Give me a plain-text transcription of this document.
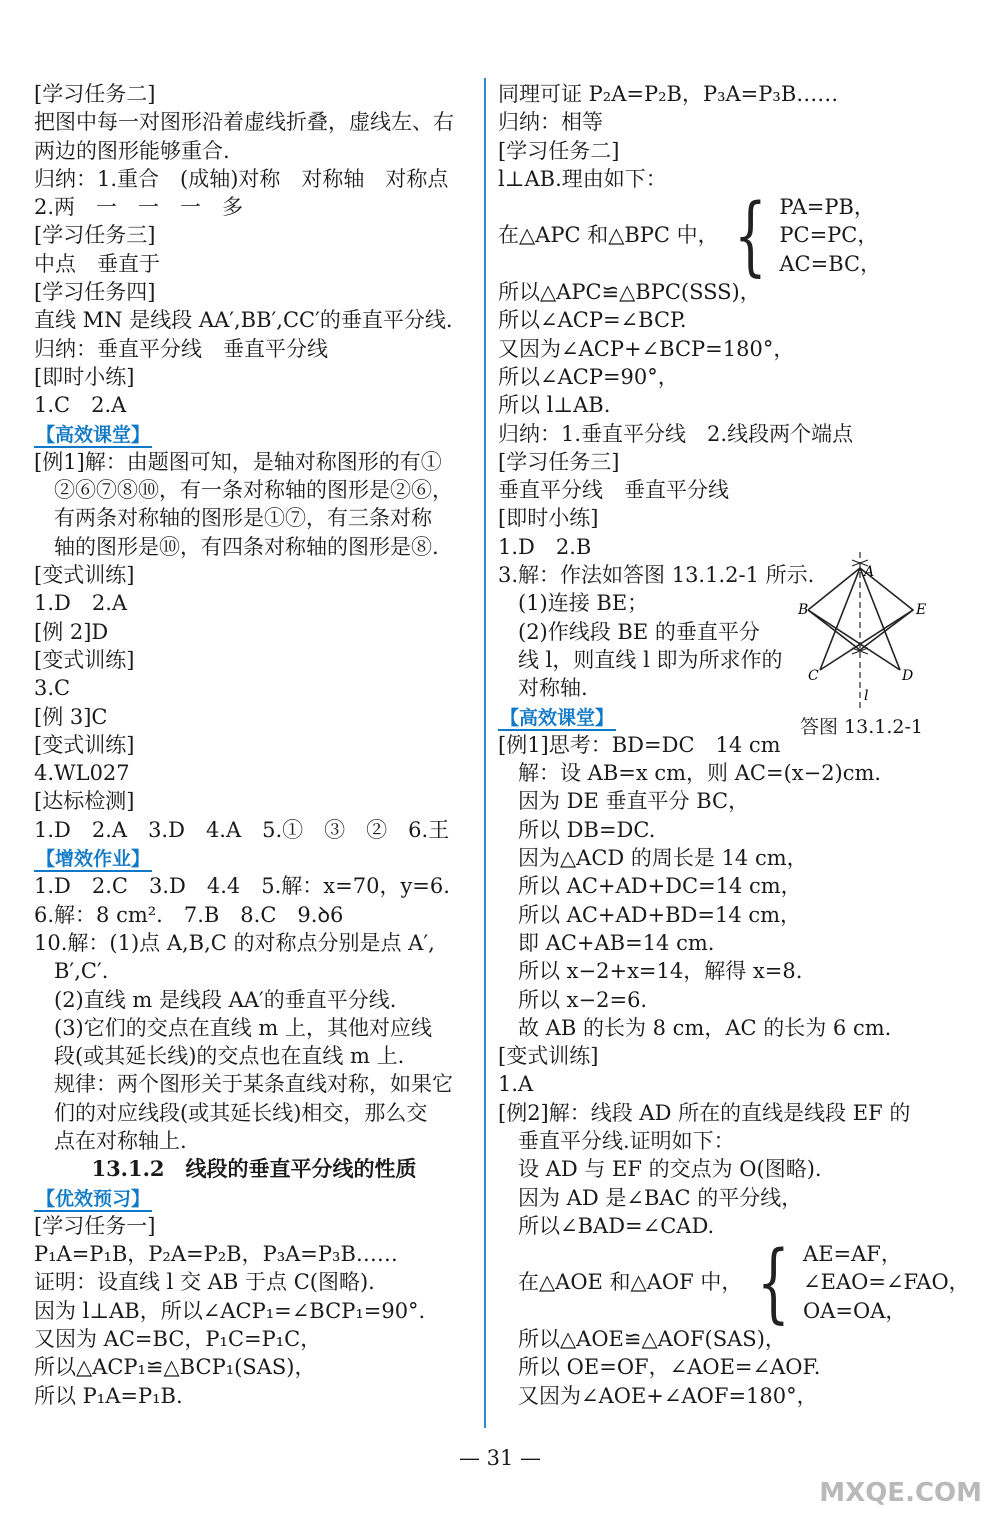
[学习任务二]
把图中每一对图形沿着虚线折叠，虚线左、右
两边的图形能够重合.
归纳：1.重合　(成轴)对称　对称轴　对称点
2.两　一　一　一　多
[学习任务三]
中点　垂直于
[学习任务四]
直线 MN 是线段 AA′,BB′,CC′的垂直平分线.
归纳：垂直平分线　垂直平分线
[即时小练]
1.C　2.A
【高效课堂】
[例1]解：由题图可知，是轴对称图形的有①
②⑥⑦⑧⑩，有一条对称轴的图形是②⑥，
有两条对称轴的图形是①⑦，有三条对称
轴的图形是⑩，有四条对称轴的图形是⑧.
[变式训练]
1.D　2.A
[例 2]D
[变式训练]
3.C
[例 3]C
[变式训练]
4.WL027
[达标检测]
1.D　2.A　3.D　4.A　5.①　③　②　6.王
【增效作业】
1.D　2.C　3.D　4.4　5.解：x=70，y=6.
6.解：8 cm².　7.B　8.C　9.ꝺ6
10.解：(1)点 A,B,C 的对称点分别是点 A′,
B′,C′.
(2)直线 m 是线段 AA′的垂直平分线.
(3)它们的交点在直线 m 上，其他对应线
段(或其延长线)的交点也在直线 m 上.
规律：两个图形关于某条直线对称，如果它
们的对应线段(或其延长线)相交，那么交
点在对称轴上.
13.1.2　线段的垂直平分线的性质
【优效预习】
[学习任务一]
P₁A=P₁B，P₂A=P₂B，P₃A=P₃B……
证明：设直线 l 交 AB 于点 C(图略).
因为 l⊥AB，所以∠ACP₁=∠BCP₁=90°.
又因为 AC=BC，P₁C=P₁C，
所以△ACP₁≌△BCP₁(SAS)，
所以 P₁A=P₁B.
同理可证 P₂A=P₂B，P₃A=P₃B……
归纳：相等
[学习任务二]
l⊥AB.理由如下：
在△APC 和△BPC 中， { PA=PB，
PC=PC，
AC=BC，
所以△APC≌△BPC(SSS)，
所以∠ACP=∠BCP.
又因为∠ACP+∠BCP=180°，
所以∠ACP=90°，
所以 l⊥AB.
归纳：1.垂直平分线　2.线段两个端点
[学习任务三]
垂直平分线　垂直平分线
[即时小练]
1.D　2.B
3.解：作法如答图 13.1.2-1 所示.
(1)连接 BE；
(2)作线段 BE 的垂直平分
线 l，则直线 l 即为所求作的
对称轴.
【高效课堂】
[例1]思考：BD=DC　14 cm
解：设 AB=x cm，则 AC=(x−2)cm.
因为 DE 垂直平分 BC，
所以 DB=DC.
因为△ACD 的周长是 14 cm，
所以 AC+AD+DC=14 cm，
所以 AC+AD+BD=14 cm，
即 AC+AB=14 cm.
所以 x−2+x=14，解得 x=8.
所以 x−2=6.
故 AB 的长为 8 cm，AC 的长为 6 cm.
[变式训练]
1.A
[例2]解：线段 AD 所在的直线是线段 EF 的
垂直平分线.证明如下：
设 AD 与 EF 的交点为 O(图略).
因为 AD 是∠BAC 的平分线，
所以∠BAD=∠CAD.
在△AOE 和△AOF 中， { AE=AF，
∠EAO=∠FAO，
OA=OA，
所以△AOE≌△AOF(SAS)，
所以 OE=OF，∠AOE=∠AOF.
又因为∠AOE+∠AOF=180°，
A
B	E
C	D
l
答图 13.1.2-1
— 31 —
MXQE.COM
